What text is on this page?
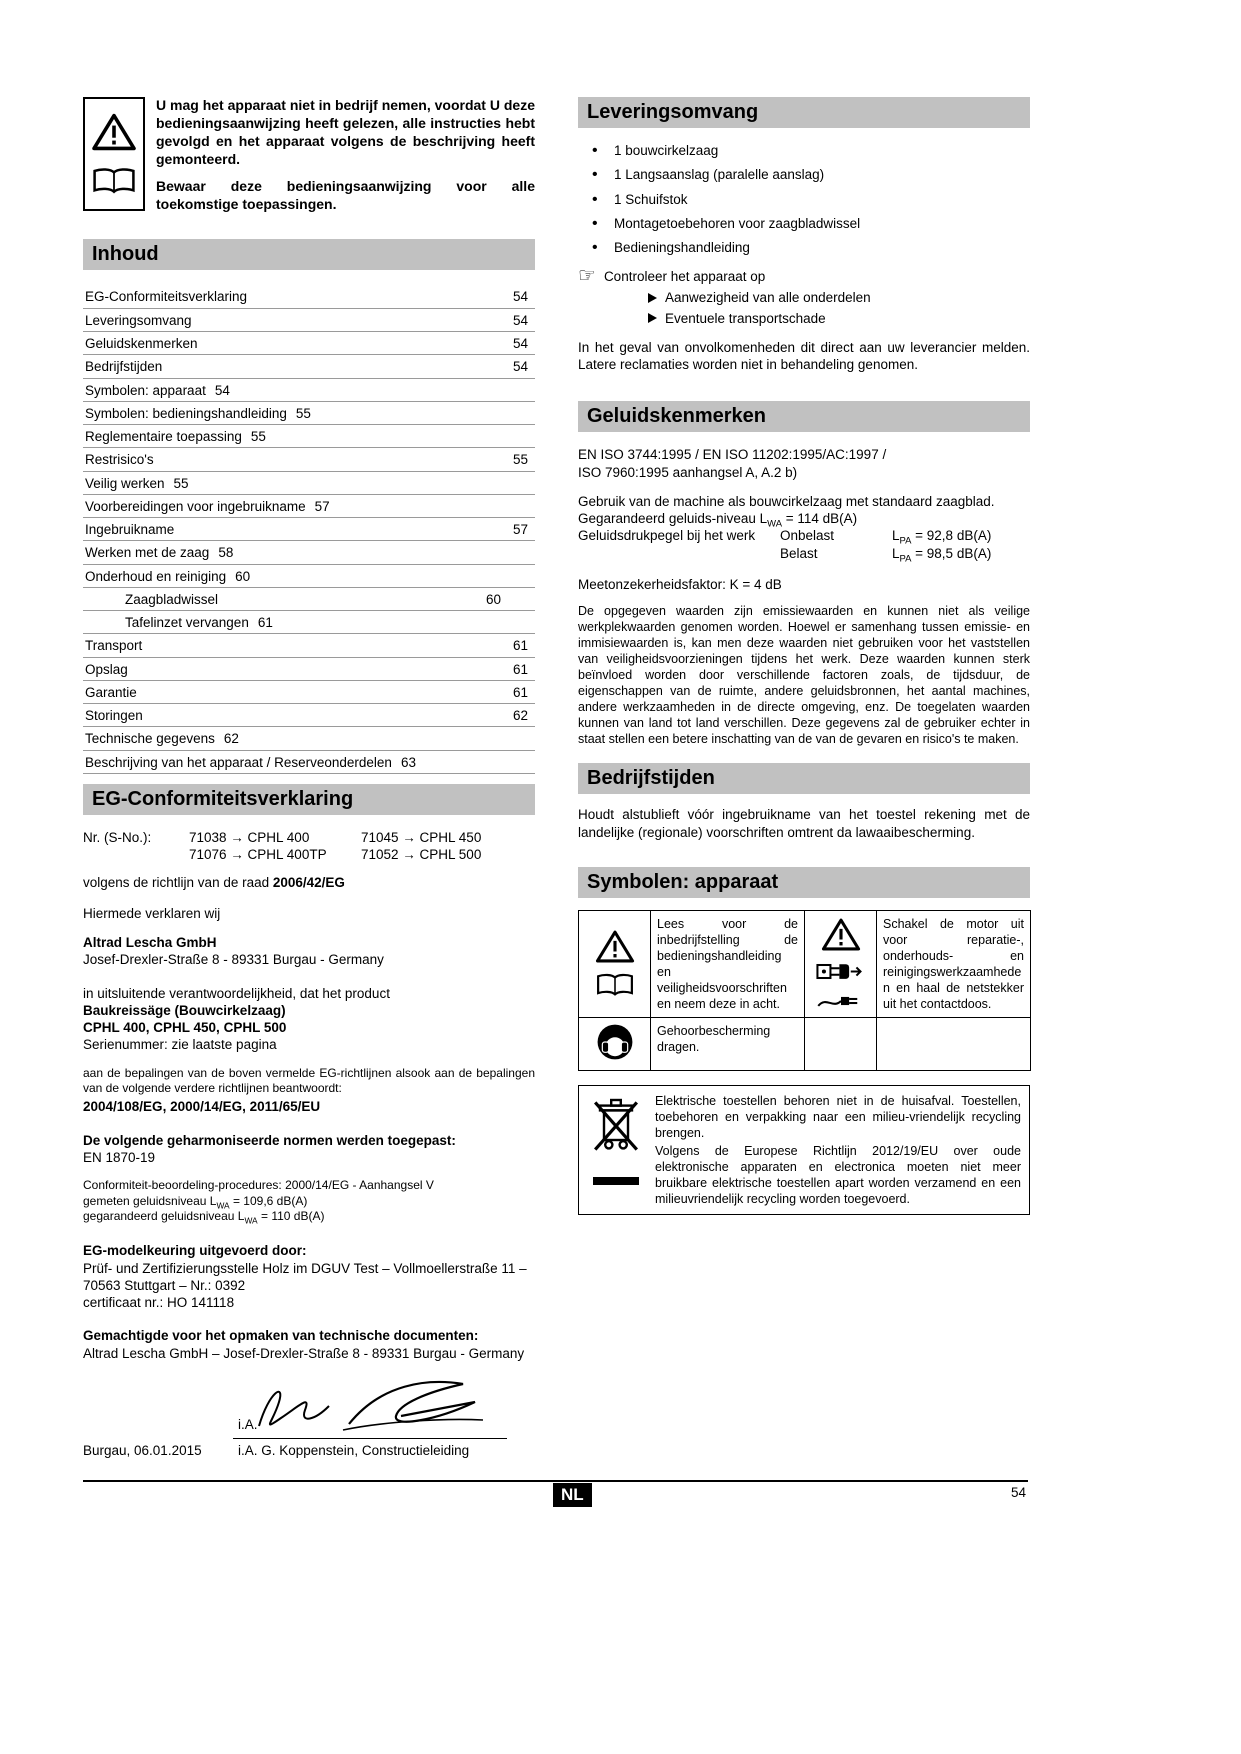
U mag het apparaat niet in bedrijf nemen, voordat U deze bedieningsaanwijzing heeft gelezen, alle instructies hebt gevolgd en het apparaat volgens de beschrijving heeft gemonteerd.

Bewaar deze bedieningsaanwijzing voor alle toekomstige toepassingen.

Inhoud
EG-Conformiteitsverklaring	54
Leveringsomvang	54
Geluidskenmerken	54
Bedrijfstijden	54
Symbolen: apparaat 54
Symbolen: bedieningshandleiding 55
Reglementaire toepassing 55
Restrisico's	55
Veilig werken 55
Voorbereidingen voor ingebruikname 57
Ingebruikname	57
Werken met de zaag 58
Onderhoud en reiniging 60
Zaagbladwissel	60
Tafelinzet vervangen 61
Transport	61
Opslag	61
Garantie	61
Storingen	62
Technische gegevens 62
Beschrijving van het apparaat / Reserveonderdelen 63
EG-Conformiteitsverklaring
Nr. (S-No.):	71038 → CPHL 400	71045 → CPHL 450
71076 → CPHL 400TP	71052 → CPHL 500

volgens de richtlijn van de raad 2006/42/EG

Hiermede verklaren wij

Altrad Lescha GmbH

Josef-Drexler-Straße 8 - 89331 Burgau - Germany

in uitsluitende verantwoordelijkheid, dat het product

Baukreissäge (Bouwcirkelzaag)

CPHL 400, CPHL 450, CPHL 500

Serienummer: zie laatste pagina

aan de bepalingen van de boven vermelde EG-richtlijnen alsook aan de bepalingen van de volgende verdere richtlijnen beantwoordt:

2004/108/EG, 2000/14/EG, 2011/65/EU

De volgende geharmoniseerde normen werden toegepast:

EN 1870-19

Conformiteit-beoordeling-procedures: 2000/14/EG - Aanhangsel V

gemeten geluidsniveau $L_{WA} = 109,6$ dB(A)

gegarandeerd geluidsniveau $L_{WA} = 110$ dB(A)

EG-modelkeuring uitgevoerd door:

Prüf- und Zertifizierungsstelle Holz im DGUV Test – Vollmoellerstraße 11 – 70563 Stuttgart – Nr.: 0392

certificaat nr.: HO 141118

Gemachtigde voor het opmaken van technische documenten:

Altrad Lescha GmbH – Josef-Drexler-Straße 8 - 89331 Burgau - Germany

i.A.
Burgau, 06.01.2015	i.A. G. Koppenstein, Constructieleiding
Leveringsomvang
• 1 bouwcirkelzaag
• 1 Langsaanslag (paralelle aanslag)
• 1 Schuifstok
• Montagetoebehoren voor zaagbladwissel
• Bedieningshandleiding
☞ Controleer het apparaat op
Aanwezigheid van alle onderdelen
Eventuele transportschade

In het geval van onvolkomenheden dit direct aan uw leverancier melden. Latere reclamaties worden niet in behandeling genomen.

Geluidskenmerken

EN ISO 3744:1995 / EN ISO 11202:1995/AC:1997 /

ISO 7960:1995 aanhangsel A, A.2 b)

Gebruik van de machine als bouwcirkelzaag met standaard zaagblad.

Gegarandeerd geluids-niveau $L_{WA} = 114$ dB(A)

Geluidsdrukpegel bij het werk	Onbelast	$L_{PA} = 92,8$ dB(A)
Belast	$L_{PA} = 98,5$ dB(A)

Meetonzekerheidsfaktor: K = 4 dB

De opgegeven waarden zijn emissiewaarden en kunnen niet als veilige werkplekwaarden genomen worden. Hoewel er samenhang tussen emissie- en immisiewaarden is, kan men deze waarden niet gebruiken voor het vaststellen van veiligheidsvoorzieningen tijdens het werk. Deze waarden kunnen sterk beïnvloed worden door verschillende factoren zoals, de tijdsduur, de eigenschappen van de ruimte, andere geluidsbronnen, het aantal machines, andere werkzaamheden in de directe omgeving, enz. De toegelaten waarden kunnen van land tot land verschillen. Deze gegevens zal de gebruiker echter in staat stellen een betere inschatting van de van de gevaren en risico's te maken.

Bedrijfstijden

Houdt alstublieft vóór ingebruikname van het toestel rekening met de landelijke (regionale) voorschriften omtrent da lawaaibescherming.

Symbolen: apparaat
	Lees voor de inbedrijfstelling de bedieningshandleiding en veiligheidsvoorschriften en neem deze in acht.		Schakel de motor uit voor reparatie-, onderhouds- en reinigingswerkzaamheden en haal de netstekker uit het contactdoos.
	Gehoorbescherming dragen.		

Elektrische toestellen behoren niet in de huisafval. Toestellen, toebehoren en verpakking naar een milieu-vriendelijk recycling brengen.

Volgens de Europese Richtlijn 2012/19/EU over oude elektronische apparaten en electronica moeten niet meer bruikbare elektrische toestellen apart worden verzamend en een milieuvriendelijk recycling worden toegevoerd.

NL	54
